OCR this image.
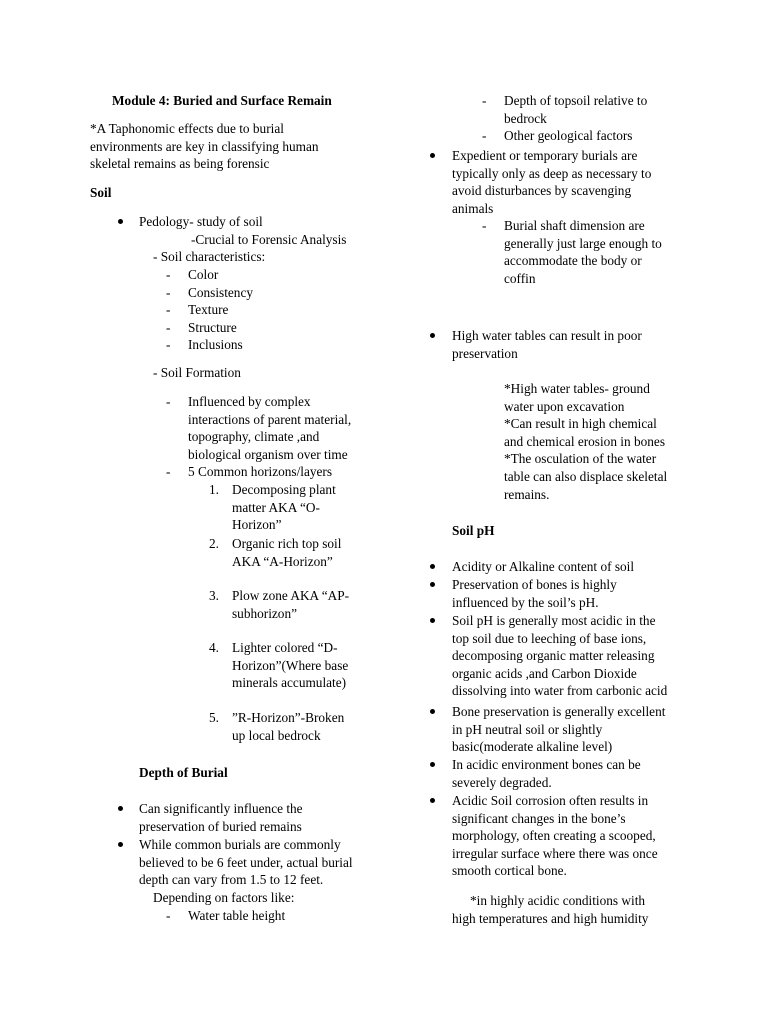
Module 4: Buried and Surface Remain
*A Taphonomic effects due to burial
environments are key in classifying human
skeletal remains as being forensic
Soil
Pedology- study of soil
-Crucial to Forensic Analysis
- Soil characteristics:
- Color
- Consistency
- Texture
- Structure
- Inclusions
- Soil Formation
- Influenced by complex
interactions of parent material,
topography, climate ,and
biological organism over time
- 5 Common horizons/layers
1. Decomposing plant
matter AKA “O-
Horizon”
2. Organic rich top soil
AKA “A-Horizon”
3. Plow zone AKA “AP-
subhorizon”
4. Lighter colored “D-
Horizon”(Where base
minerals accumulate)
5. ”R-Horizon”-Broken
up local bedrock
Depth of Burial
Can significantly influence the
preservation of buried remains
While common burials are commonly
believed to be 6 feet under, actual burial
depth can vary from 1.5 to 12 feet.
Depending on factors like:
- Water table height
- Depth of topsoil relative to
bedrock
- Other geological factors
Expedient or temporary burials are
typically only as deep as necessary to
avoid disturbances by scavenging
animals
- Burial shaft dimension are
generally just large enough to
accommodate the body or
coffin
High water tables can result in poor
preservation
*High water tables- ground
water upon excavation
*Can result in high chemical
and chemical erosion in bones
*The osculation of the water
table can also displace skeletal
remains.
Soil pH
Acidity or Alkaline content of soil
Preservation of bones is highly
influenced by the soil’s pH.
Soil pH is generally most acidic in the
top soil due to leeching of base ions,
decomposing organic matter releasing
organic acids ,and Carbon Dioxide
dissolving into water from carbonic acid
Bone preservation is generally excellent
in pH neutral soil or slightly
basic(moderate alkaline level)
In acidic environment bones can be
severely degraded.
Acidic Soil corrosion often results in
significant changes in the bone’s
morphology, often creating a scooped,
irregular surface where there was once
smooth cortical bone.
*in highly acidic conditions with
high temperatures and high humidity
